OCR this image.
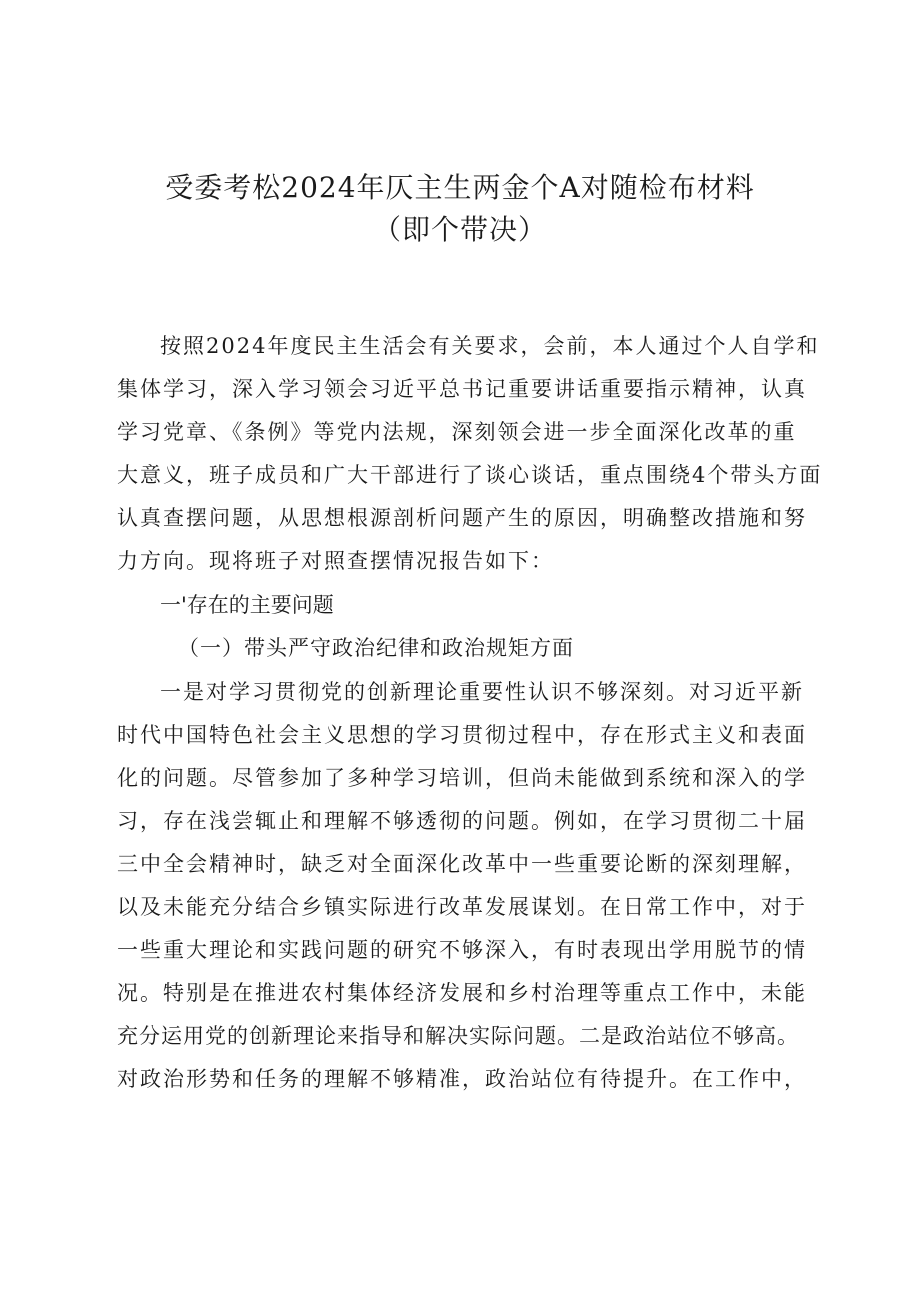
受委考松2024年仄主生两金个A对随检布材料
（即个带决）
按照2024年度民主生活会有关要求，会前，本人通过个人自学和
集体学习，深入学习领会习近平总书记重要讲话重要指示精神，认真
学习党章、《条例》等党内法规，深刻领会进一步全面深化改革的重
大意义，班子成员和广大干部进行了谈心谈话，重点围绕4个带头方面
认真查摆问题，从思想根源剖析问题产生的原因，明确整改措施和努
力方向。现将班子对照查摆情况报告如下：
一'存在的主要问题
（一）带头严守政治纪律和政治规矩方面
一是对学习贯彻党的创新理论重要性认识不够深刻。对习近平新
时代中国特色社会主义思想的学习贯彻过程中，存在形式主义和表面
化的问题。尽管参加了多种学习培训，但尚未能做到系统和深入的学
习，存在浅尝辄止和理解不够透彻的问题。例如，在学习贯彻二十届
三中全会精神时，缺乏对全面深化改革中一些重要论断的深刻理解，
以及未能充分结合乡镇实际进行改革发展谋划。在日常工作中，对于
一些重大理论和实践问题的研究不够深入，有时表现出学用脱节的情
况。特别是在推进农村集体经济发展和乡村治理等重点工作中，未能
充分运用党的创新理论来指导和解决实际问题。二是政治站位不够高。
对政治形势和任务的理解不够精准，政治站位有待提升。在工作中，
